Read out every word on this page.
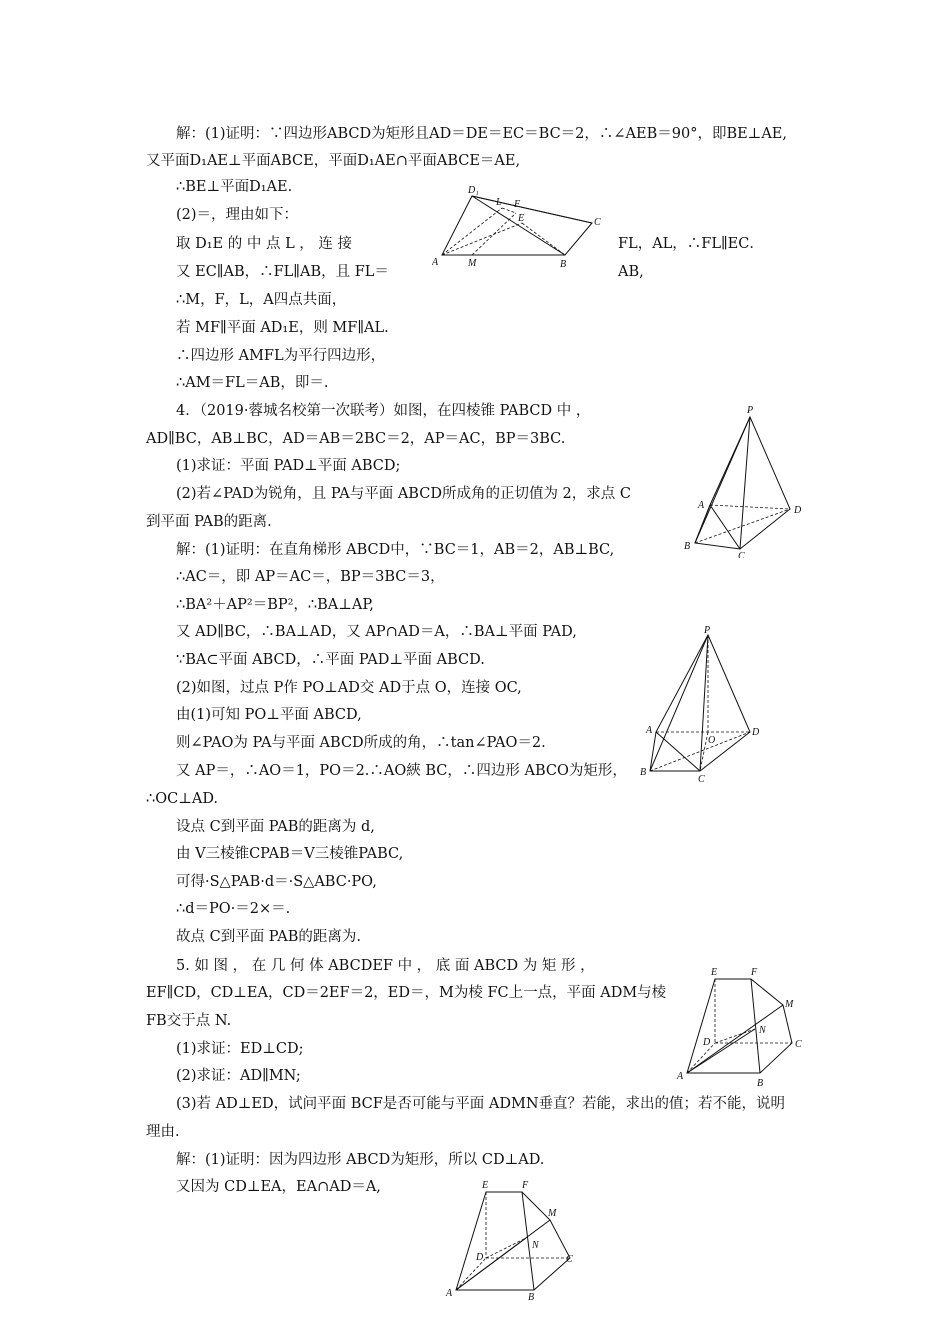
解：(1)证明：∵四边形ABCD为矩形且AD＝DE＝EC＝BC＝2，∴∠AEB＝90°，即BE⊥AE,
又平面D₁AE⊥平面ABCE，平面D₁AE∩平面ABCE＝AE,
∴BE⊥平面D₁AE.
(2)＝，理由如下：
取 D₁E 的 中 点 L ， 连 接	FL，AL，∴FL∥EC．
又 EC∥AB，∴FL∥AB，且 FL＝	AB,
∴M，F，L，A四点共面，
若 MF∥平面 AD₁E，则 MF∥AL.
∴四边形 AMFL为平行四边形，
∴AM＝FL＝AB，即＝.
4．（2019·蓉城名校第一次联考）如图，在四棱锥 PABCD 中 ，
AD∥BC，AB⊥BC，AD＝AB＝2BC＝2，AP＝AC，BP＝3BC.
(1)求证：平面 PAD⊥平面 ABCD;
(2)若∠PAD为锐角，且 PA与平面 ABCD所成角的正切值为 2，求点 C
到平面 PAB的距离.
解：(1)证明：在直角梯形 ABCD中，∵BC＝1，AB＝2，AB⊥BC,
∴AC＝，即 AP＝AC＝，BP＝3BC＝3，
∴BA²＋AP²＝BP²，∴BA⊥AP,
又 AD∥BC，∴BA⊥AD，又 AP∩AD＝A，∴BA⊥平面 PAD,
∵BA⊂平面 ABCD，∴平面 PAD⊥平面 ABCD.
(2)如图，过点 P作 PO⊥AD交 AD于点 O，连接 OC,
由(1)可知 PO⊥平面 ABCD,
则∠PAO为 PA与平面 ABCD所成的角，∴tan∠PAO＝2.
又 AP＝，∴AO＝1，PO＝2.∴AO綊 BC，∴四边形 ABCO为矩形，
∴OC⊥AD.
设点 C到平面 PAB的距离为 d,
由 V三棱锥CPAB＝V三棱锥PABC,
可得·S△PAB·d＝·S△ABC·PO,
∴d＝PO·＝2×＝.
故点 C到平面 PAB的距离为.
5. 如 图 ， 在 几 何 体 ABCDEF 中 ， 底 面 ABCD 为 矩 形 ，
EF∥CD，CD⊥EA，CD＝2EF＝2，ED＝，M为棱 FC上一点，平面 ADM与棱
FB交于点 N.
(1)求证：ED⊥CD;
(2)求证：AD∥MN;
(3)若 AD⊥ED，试问平面 BCF是否可能与平面 ADMN垂直？若能，求出的值；若不能，说明
理由.
解：(1)证明：因为四边形 ABCD为矩形，所以 CD⊥AD.
又因为 CD⊥EA，EA∩AD＝A,
D₁
L F
E	C
A	M	B
P
A	D
B
C
P
A
O
D
B
C
E	F
M
N
D	C
A
B
E	F
M
N
D	C
A	B
